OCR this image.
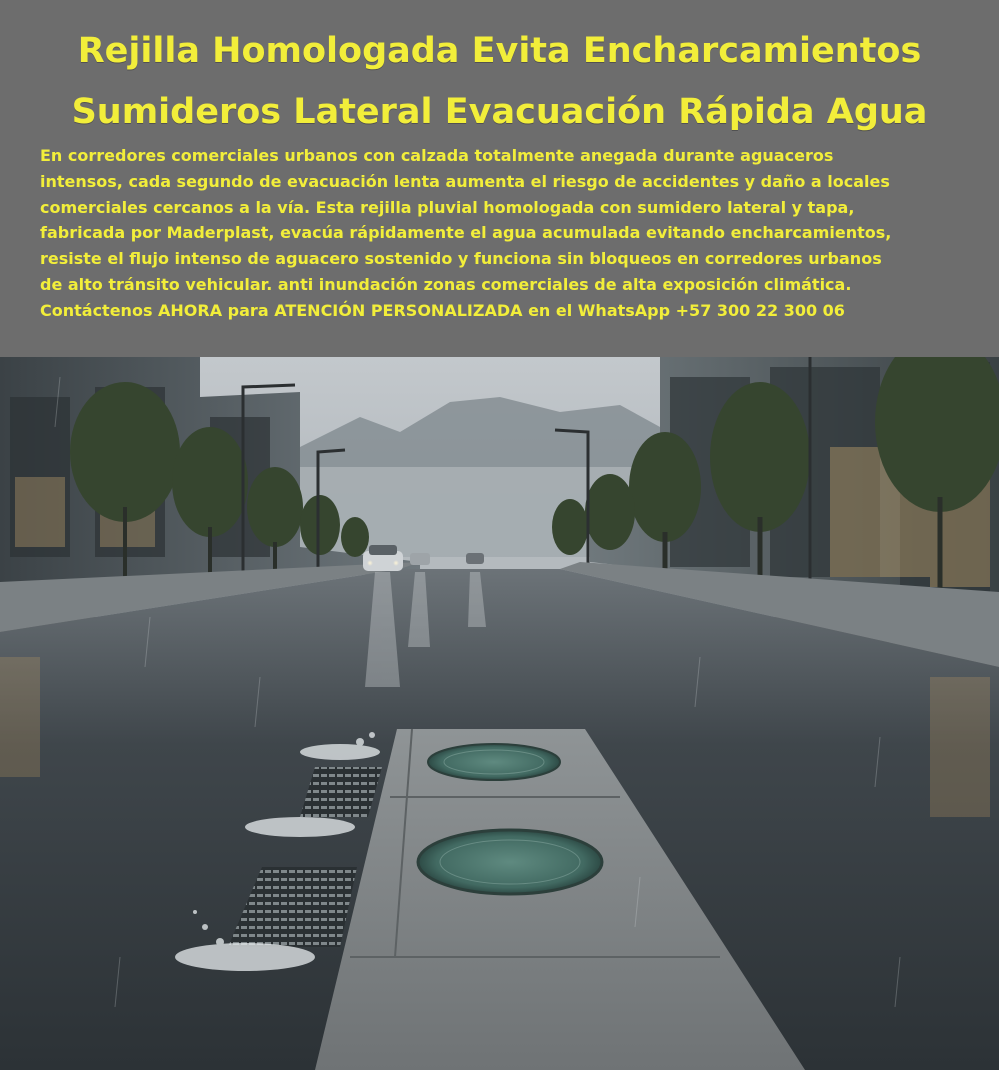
Rejilla Homologada Evita Encharcamientos
Sumideros Lateral Evacuación Rápida Agua
En corredores comerciales urbanos con calzada totalmente anegada durante aguaceros
intensos, cada segundo de evacuación lenta aumenta el riesgo de accidentes y daño a locales
comerciales cercanos a la vía. Esta rejilla pluvial homologada con sumidero lateral y tapa,
fabricada por Maderplast, evacúa rápidamente el agua acumulada evitando encharcamientos,
resiste el flujo intenso de aguacero sostenido y funciona sin bloqueos en corredores urbanos
de alto tránsito vehicular. anti inundación zonas comerciales de alta exposición climática.
Contáctenos AHORA para ATENCIÓN PERSONALIZADA en el WhatsApp +57 300 22 300 06
